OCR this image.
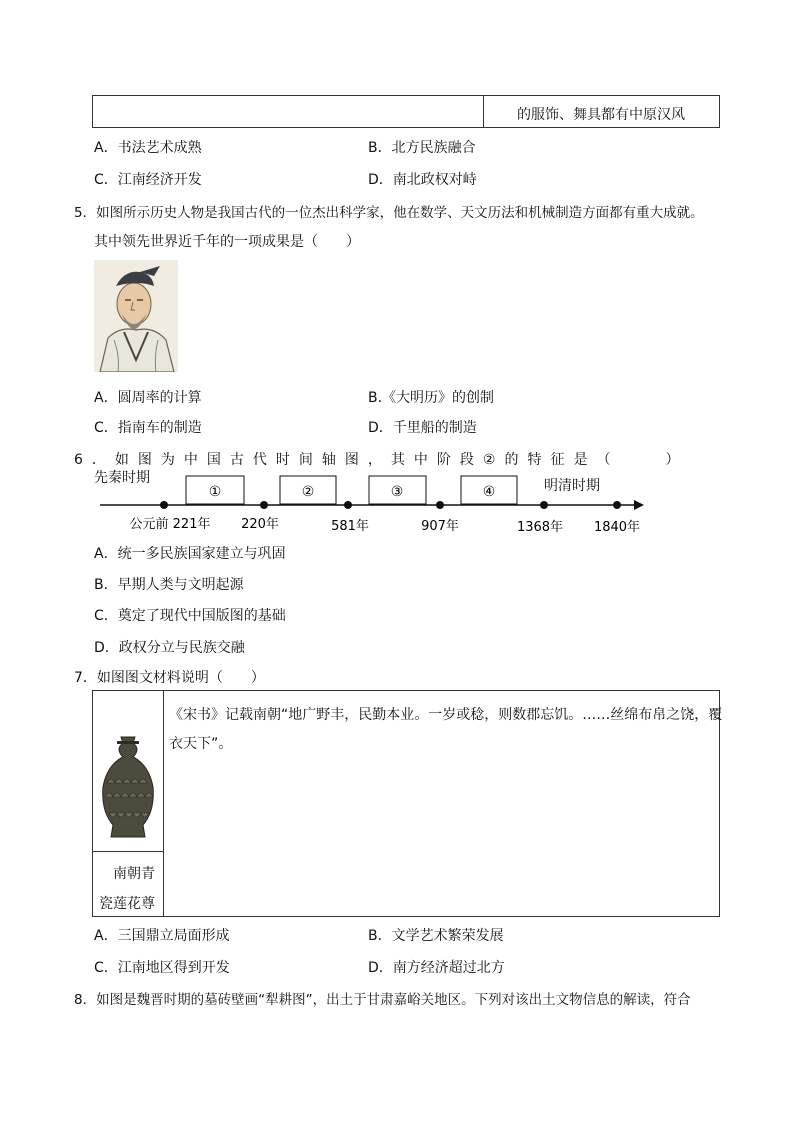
的服饰、舞具都有中原汉风
A．书法艺术成熟	B．北方民族融合
C．江南经济开发	D．南北政权对峙
5．如图所示历史人物是我国古代的一位杰出科学家，他在数学、天文历法和机械制造方面都有重大成就。
其中领先世界近千年的一项成果是（　　）
A．圆周率的计算	B.《大明历》的创制
C．指南车的制造	D．千里船的制造
6．如图为中国古代时间轴图，其中阶段②的特征是（　　）
先秦时期	明清时期
①	②	③	④
公元前 221年 220年	581年	907年	1368年 1840年
A．统一多民族国家建立与巩固
B．早期人类与文明起源
C．奠定了现代中国版图的基础
D．政权分立与民族交融
7．如图图文材料说明（　　）
《宋书》记载南朝“地广野丰，民勤本业。一岁或稔，则数郡忘饥。……丝绵布帛之饶，覆
衣天下”。
南朝青
瓷莲花尊
A．三国鼎立局面形成	B．文学艺术繁荣发展
C．江南地区得到开发	D．南方经济超过北方
8．如图是魏晋时期的墓砖壁画“犁耕图”，出土于甘肃嘉峪关地区。下列对该出土文物信息的解读，符合
